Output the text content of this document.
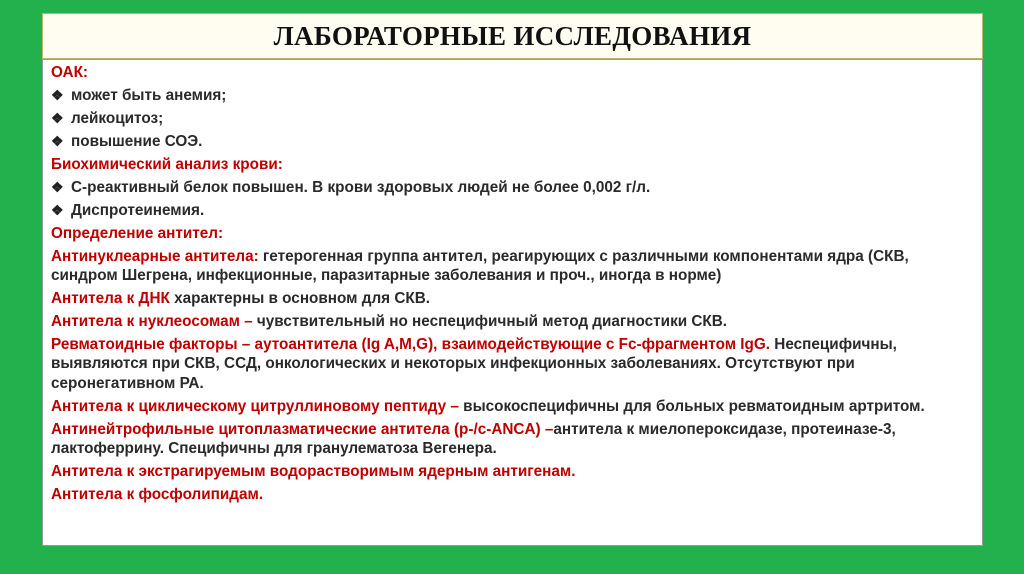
ЛАБОРАТОРНЫЕ ИССЛЕДОВАНИЯ
ОАК:
❖ может быть анемия;
❖ лейкоцитоз;
❖ повышение СОЭ.
Биохимический анализ крови:
❖ С-реактивный белок повышен. В крови здоровых людей не более 0,002 г/л.
❖ Диспротеинемия.
Определение антител:
Антинуклеарные антитела: гетерогенная группа антител, реагирующих с различными компонентами ядра (СКВ, синдром Шегрена, инфекционные, паразитарные заболевания и проч., иногда в норме)
Антитела к ДНК характерны в основном для СКВ.
Антитела к нуклеосомам – чувствительный но неспецифичный метод диагностики СКВ.
Ревматоидные факторы – аутоантитела (Ig A,M,G), взаимодействующие с Fc-фрагментом IgG. Неспецифичны, выявляются при СКВ, ССД, онкологических и некоторых инфекционных заболеваниях. Отсутствуют при серонегативном РА.
Антитела к циклическому цитруллиновому пептиду – высокоспецифичны для больных ревматоидным артритом.
Антинейтрофильные цитоплазматические антитела (р-/с-ANCA) –антитела к миелопероксидазе, протеиназе-3, лактоферрину. Специфичны для гранулематоза Вегенера.
Антитела к экстрагируемым водорастворимым ядерным антигенам.
Антитела к фосфолипидам.
